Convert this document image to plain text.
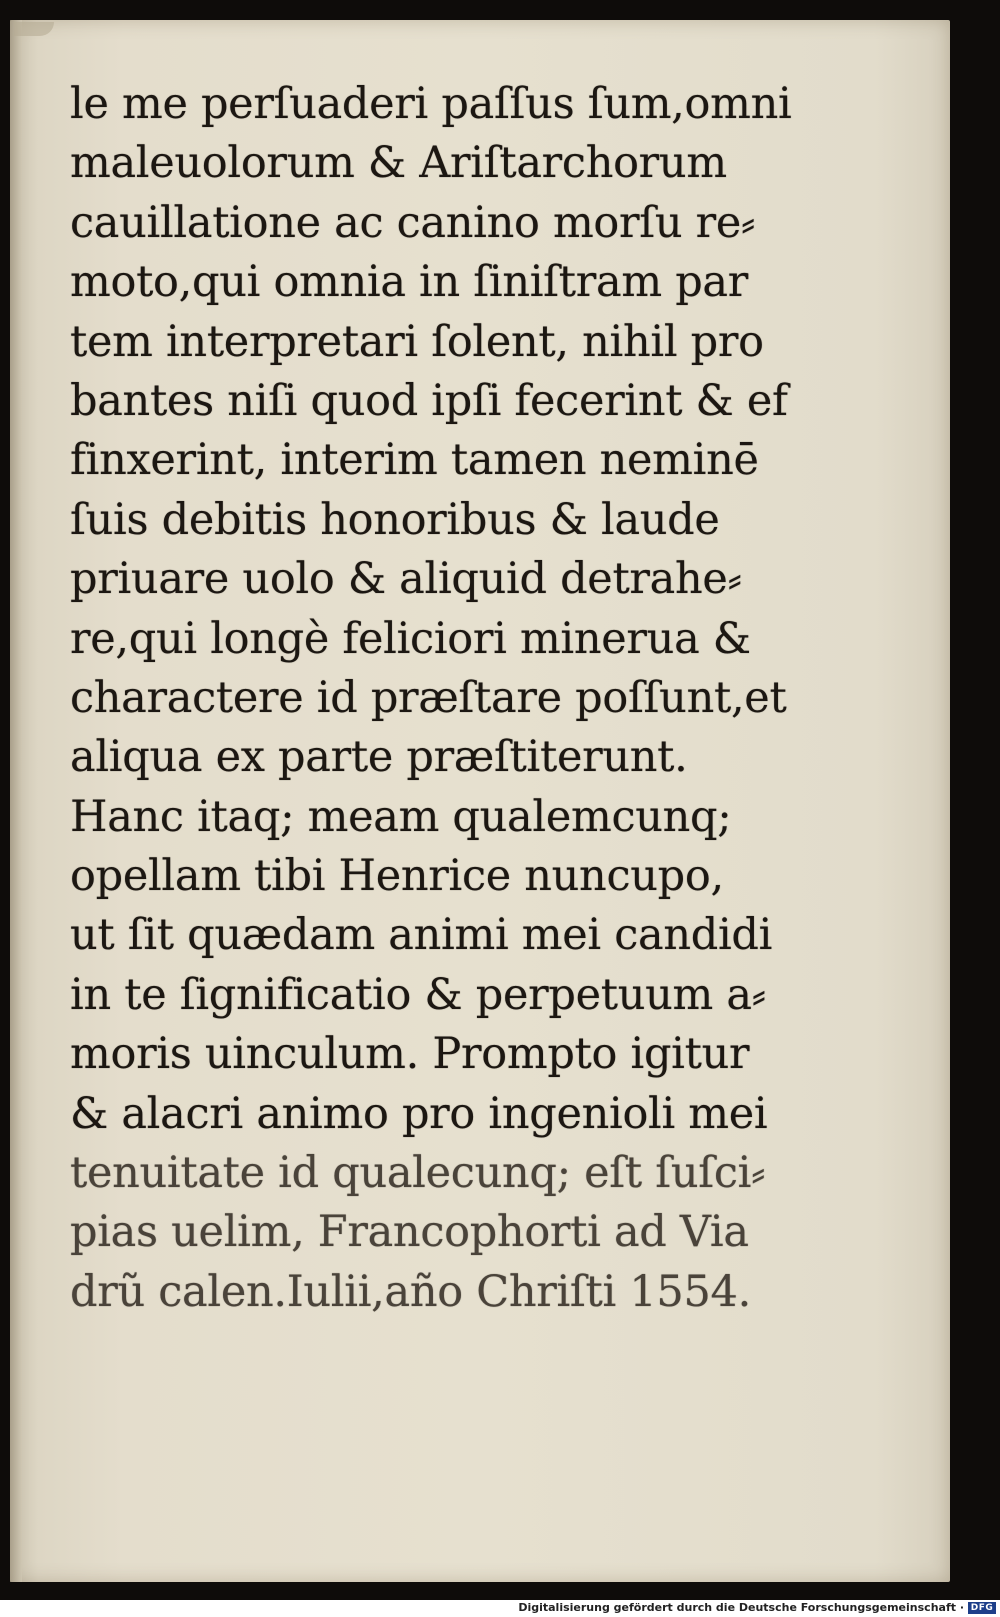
le me perſuaderi paſſus ſum,omni
maleuolorum & Ariſtarchorum
cauillatione ac canino morſu re⸗
moto,qui omnia in ſiniſtram par
tem interpretari ſolent, nihil pro
bantes niſi quod ipſi fecerint & ef
finxerint, interim tamen neminē
ſuis debitis honoribus & laude
priuare uolo & aliquid detrahe⸗
re,qui longè feliciori minerua &
charactere id præſtare poſſunt,et
aliqua ex parte præſtiterunt.
Hanc itaq; meam qualemcunq;
opellam tibi Henrice nuncupo,
ut ſit quædam animi mei candidi
in te ſignificatio & perpetuum a⸗
moris uinculum. Prompto igitur
& alacri animo pro ingenioli mei
tenuitate id qualecunq; eſt ſuſci⸗
pias uelim, Francophorti ad Via
drũ calen.Iulii,año Chriſti 1554.
Digitalisierung gefördert durch die Deutsche Forschungsgemeinschaft · DFG
